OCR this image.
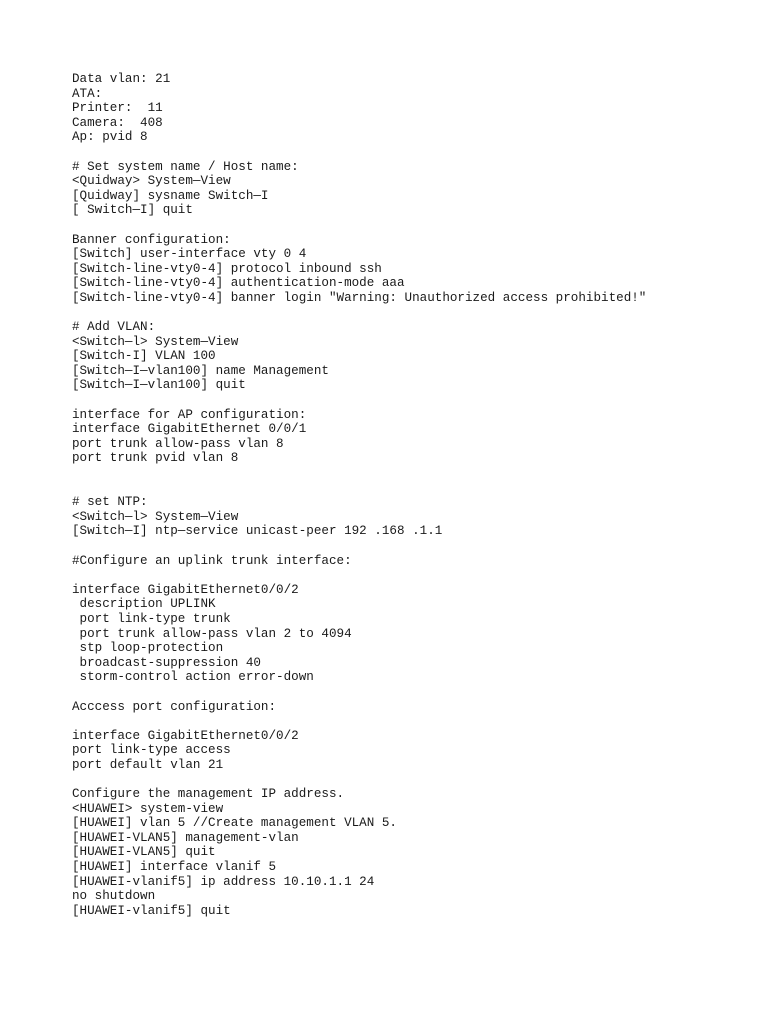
Data vlan: 21
ATA:
Printer:  11
Camera:  408
Ap: pvid 8
# Set system name / Host name:
<Quidway> System—View
[Quidway] sysname Switch—I
[ Switch—I] quit
Banner configuration:
[Switch] user-interface vty 0 4
[Switch-line-vty0-4] protocol inbound ssh
[Switch-line-vty0-4] authentication-mode aaa
[Switch-line-vty0-4] banner login "Warning: Unauthorized access prohibited!"
# Add VLAN:
<Switch—l> System—View
[Switch-I] VLAN 100
[Switch—I—vlan100] name Management
[Switch—I—vlan100] quit
interface for AP configuration:
interface GigabitEthernet 0/0/1
port trunk allow-pass vlan 8
port trunk pvid vlan 8
# set NTP:
<Switch—l> System—View
[Switch—I] ntp—service unicast-peer 192 .168 .1.1
#Configure an uplink trunk interface:
interface GigabitEthernet0/0/2
description UPLINK
port link-type trunk
port trunk allow-pass vlan 2 to 4094
stp loop-protection
broadcast-suppression 40
storm-control action error-down
Acccess port configuration:
interface GigabitEthernet0/0/2
port link-type access
port default vlan 21
Configure the management IP address.
<HUAWEI> system-view
[HUAWEI] vlan 5 //Create management VLAN 5.
[HUAWEI-VLAN5] management-vlan
[HUAWEI-VLAN5] quit
[HUAWEI] interface vlanif 5
[HUAWEI-vlanif5] ip address 10.10.1.1 24
no shutdown
[HUAWEI-vlanif5] quit
